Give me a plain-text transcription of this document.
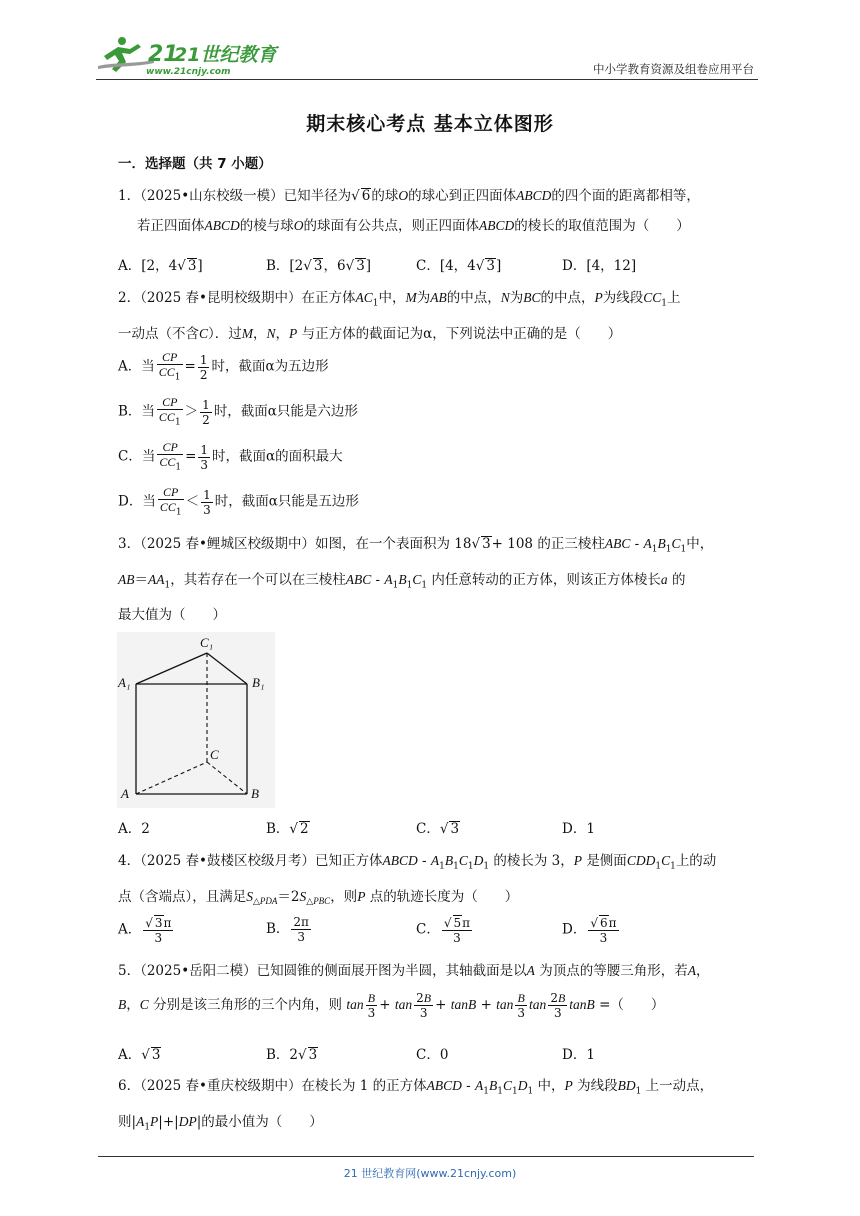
21
21世纪教育
www.21cnjy.com	中小学教育资源及组卷应用平台
期末核心考点 基本立体图形
一．选择题（共 7 小题）
1．（2025•山东校级一模）已知半径为√ 6的球O的球心到正四面体ABCD的四个面的距离都相等，
若正四面体ABCD的棱与球O的球面有公共点，则正四面体ABCD的棱长的取值范围为（　　）
A．[2，4√ 3]	B．[2√ 3，6√ 3]	C．[4，4√ 3]	D．[4，12]
2．（2025 春•昆明校级期中）在正方体$AC_1$中，M为AB的中点，N为BC的中点，P为线段$CC_1$上
一动点（不含C）．过M，N，P 与正方体的截面记为α，下列说法中正确的是（　　）
A．当 $\frac{CP}{CC_1} = \frac{1}{2}$ 时，截面α为五边形
B．当 $\frac{CP}{CC_1} > \frac{1}{2}$ 时，截面α只能是六边形
C．当 $\frac{CP}{CC_1} = \frac{1}{3}$ 时，截面α的面积最大
D．当 $\frac{CP}{CC_1} < \frac{1}{3}$ 时，截面α只能是五边形
3．（2025 春•鲤城区校级期中）如图，在一个表面积为 18√ 3+ 108 的正三棱柱ABC - $A_1B_1C_1$中，
$AB=AA_1$，其若存在一个可以在三棱柱ABC - $A_1B_1C_1$ 内任意转动的正方体，则该正方体棱长a 的
最大值为（　　）
C₁
A₁	B₁
C
A	B
A．2	B．√ 2	C．√ 3	D．1
4．（2025 春•鼓楼区校级月考）已知正方体ABCD - $A_1B_1C_1D_1$ 的棱长为 3，P 是侧面$CDD_1C_1$上的动
点（含端点），且满足$S_{\triangle PDA}=2S_{\triangle PBC}$，则P 点的轨迹长度为（　　）
A． $\frac{√ 3\pi}{3}$	B． $\frac{2\pi}{3}$	C． $\frac{√ 5\pi}{3}$	D． $\frac{√ 6\pi}{3}$
5．（2025•岳阳二模）已知圆锥的侧面展开图为半圆，其轴截面是以A 为顶点的等腰三角形，若A，
B，C 分别是该三角形的三个内角，则 $\tan \frac{B}{3} + \tan \frac{2B}{3} + \tan B + \tan \frac{B}{3}$ $\tan \frac{2B}{3}$ tanB =（　　）
A．√ 3	B．2√ 3	C．0	D．1
6．（2025 春•重庆校级期中）在棱长为 1 的正方体ABCD - $A_1B_1C_1D_1$ 中，P 为线段$BD_1$ 上一动点，
则$|A_1P|+|DP|$的最小值为（　　）
21 世纪教育网(www.21cnjy.com)
